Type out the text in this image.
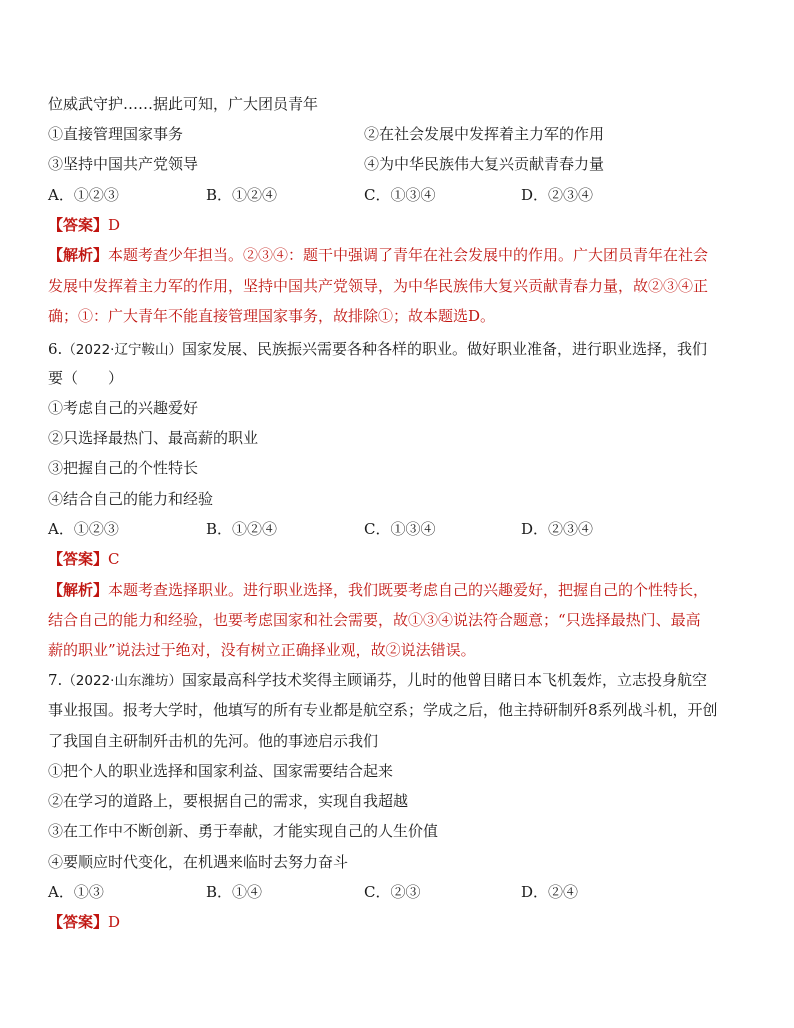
位威武守护……据此可知，广大团员青年
①直接管理国家事务	②在社会发展中发挥着主力军的作用
③坚持中国共产党领导	④为中华民族伟大复兴贡献青春力量
A．①②③	B．①②④	C．①③④	D．②③④
【答案】D
【解析】本题考查少年担当。②③④：题干中强调了青年在社会发展中的作用。广大团员青年在社会
发展中发挥着主力军的作用，坚持中国共产党领导，为中华民族伟大复兴贡献青春力量，故②③④正
确；①：广大青年不能直接管理国家事务，故排除①；故本题选D。
6.（2022·辽宁鞍山）国家发展、民族振兴需要各种各样的职业。做好职业准备，进行职业选择，我们
要（　　）
①考虑自己的兴趣爱好
②只选择最热门、最高薪的职业
③把握自己的个性特长
④结合自己的能力和经验
A．①②③	B．①②④	C．①③④	D．②③④
【答案】C
【解析】本题考查选择职业。进行职业选择，我们既要考虑自己的兴趣爱好，把握自己的个性特长，
结合自己的能力和经验，也要考虑国家和社会需要，故①③④说法符合题意；“只选择最热门、最高
薪的职业”说法过于绝对，没有树立正确择业观，故②说法错误。
7.（2022·山东潍坊）国家最高科学技术奖得主顾诵芬，儿时的他曾目睹日本飞机轰炸，立志投身航空
事业报国。报考大学时，他填写的所有专业都是航空系；学成之后，他主持研制歼8系列战斗机，开创
了我国自主研制歼击机的先河。他的事迹启示我们
①把个人的职业选择和国家利益、国家需要结合起来
②在学习的道路上，要根据自己的需求，实现自我超越
③在工作中不断创新、勇于奉献，才能实现自己的人生价值
④要顺应时代变化，在机遇来临时去努力奋斗
A．①③	B．①④	C．②③	D．②④
【答案】D
